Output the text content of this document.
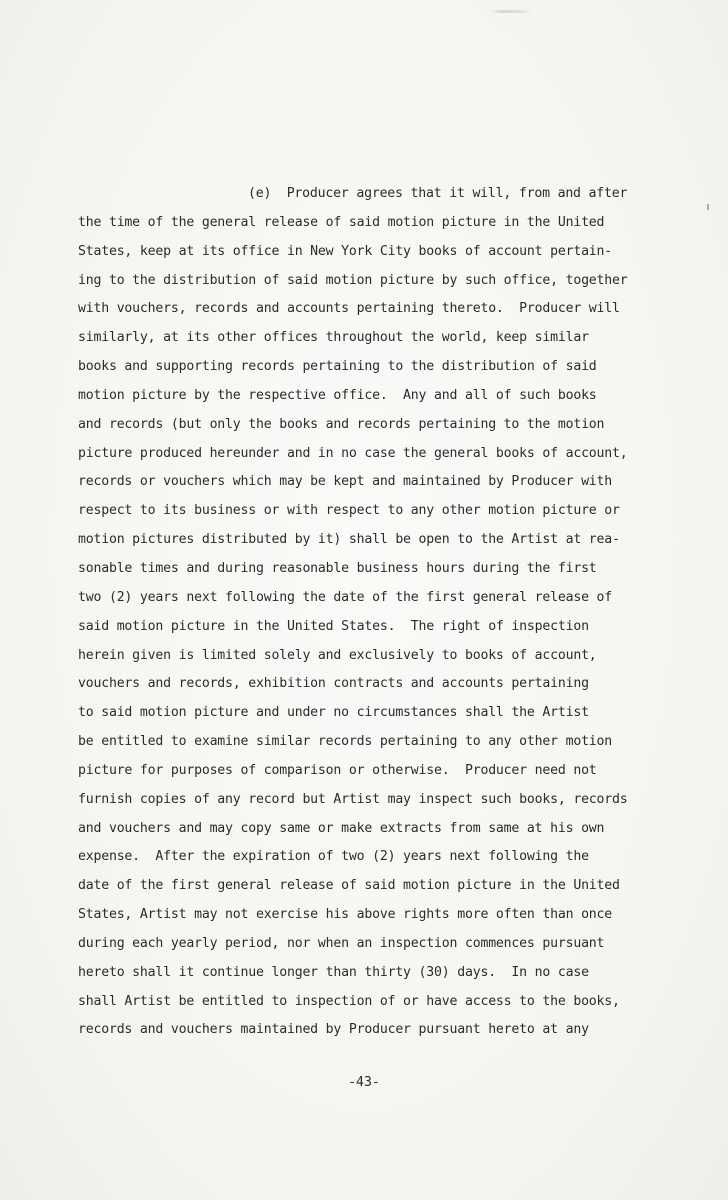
(e)  Producer agrees that it will, from and after
the time of the general release of said motion picture in the United
States, keep at its office in New York City books of account pertain-
ing to the distribution of said motion picture by such office, together
with vouchers, records and accounts pertaining thereto.  Producer will
similarly, at its other offices throughout the world, keep similar
books and supporting records pertaining to the distribution of said
motion picture by the respective office.  Any and all of such books
and records (but only the books and records pertaining to the motion
picture produced hereunder and in no case the general books of account,
records or vouchers which may be kept and maintained by Producer with
respect to its business or with respect to any other motion picture or
motion pictures distributed by it) shall be open to the Artist at rea-
sonable times and during reasonable business hours during the first
two (2) years next following the date of the first general release of
said motion picture in the United States.  The right of inspection
herein given is limited solely and exclusively to books of account,
vouchers and records, exhibition contracts and accounts pertaining
to said motion picture and under no circumstances shall the Artist
be entitled to examine similar records pertaining to any other motion
picture for purposes of comparison or otherwise.  Producer need not
furnish copies of any record but Artist may inspect such books, records
and vouchers and may copy same or make extracts from same at his own
expense.  After the expiration of two (2) years next following the
date of the first general release of said motion picture in the United
States, Artist may not exercise his above rights more often than once
during each yearly period, nor when an inspection commences pursuant
hereto shall it continue longer than thirty (30) days.  In no case
shall Artist be entitled to inspection of or have access to the books,
records and vouchers maintained by Producer pursuant hereto at any
-43-
